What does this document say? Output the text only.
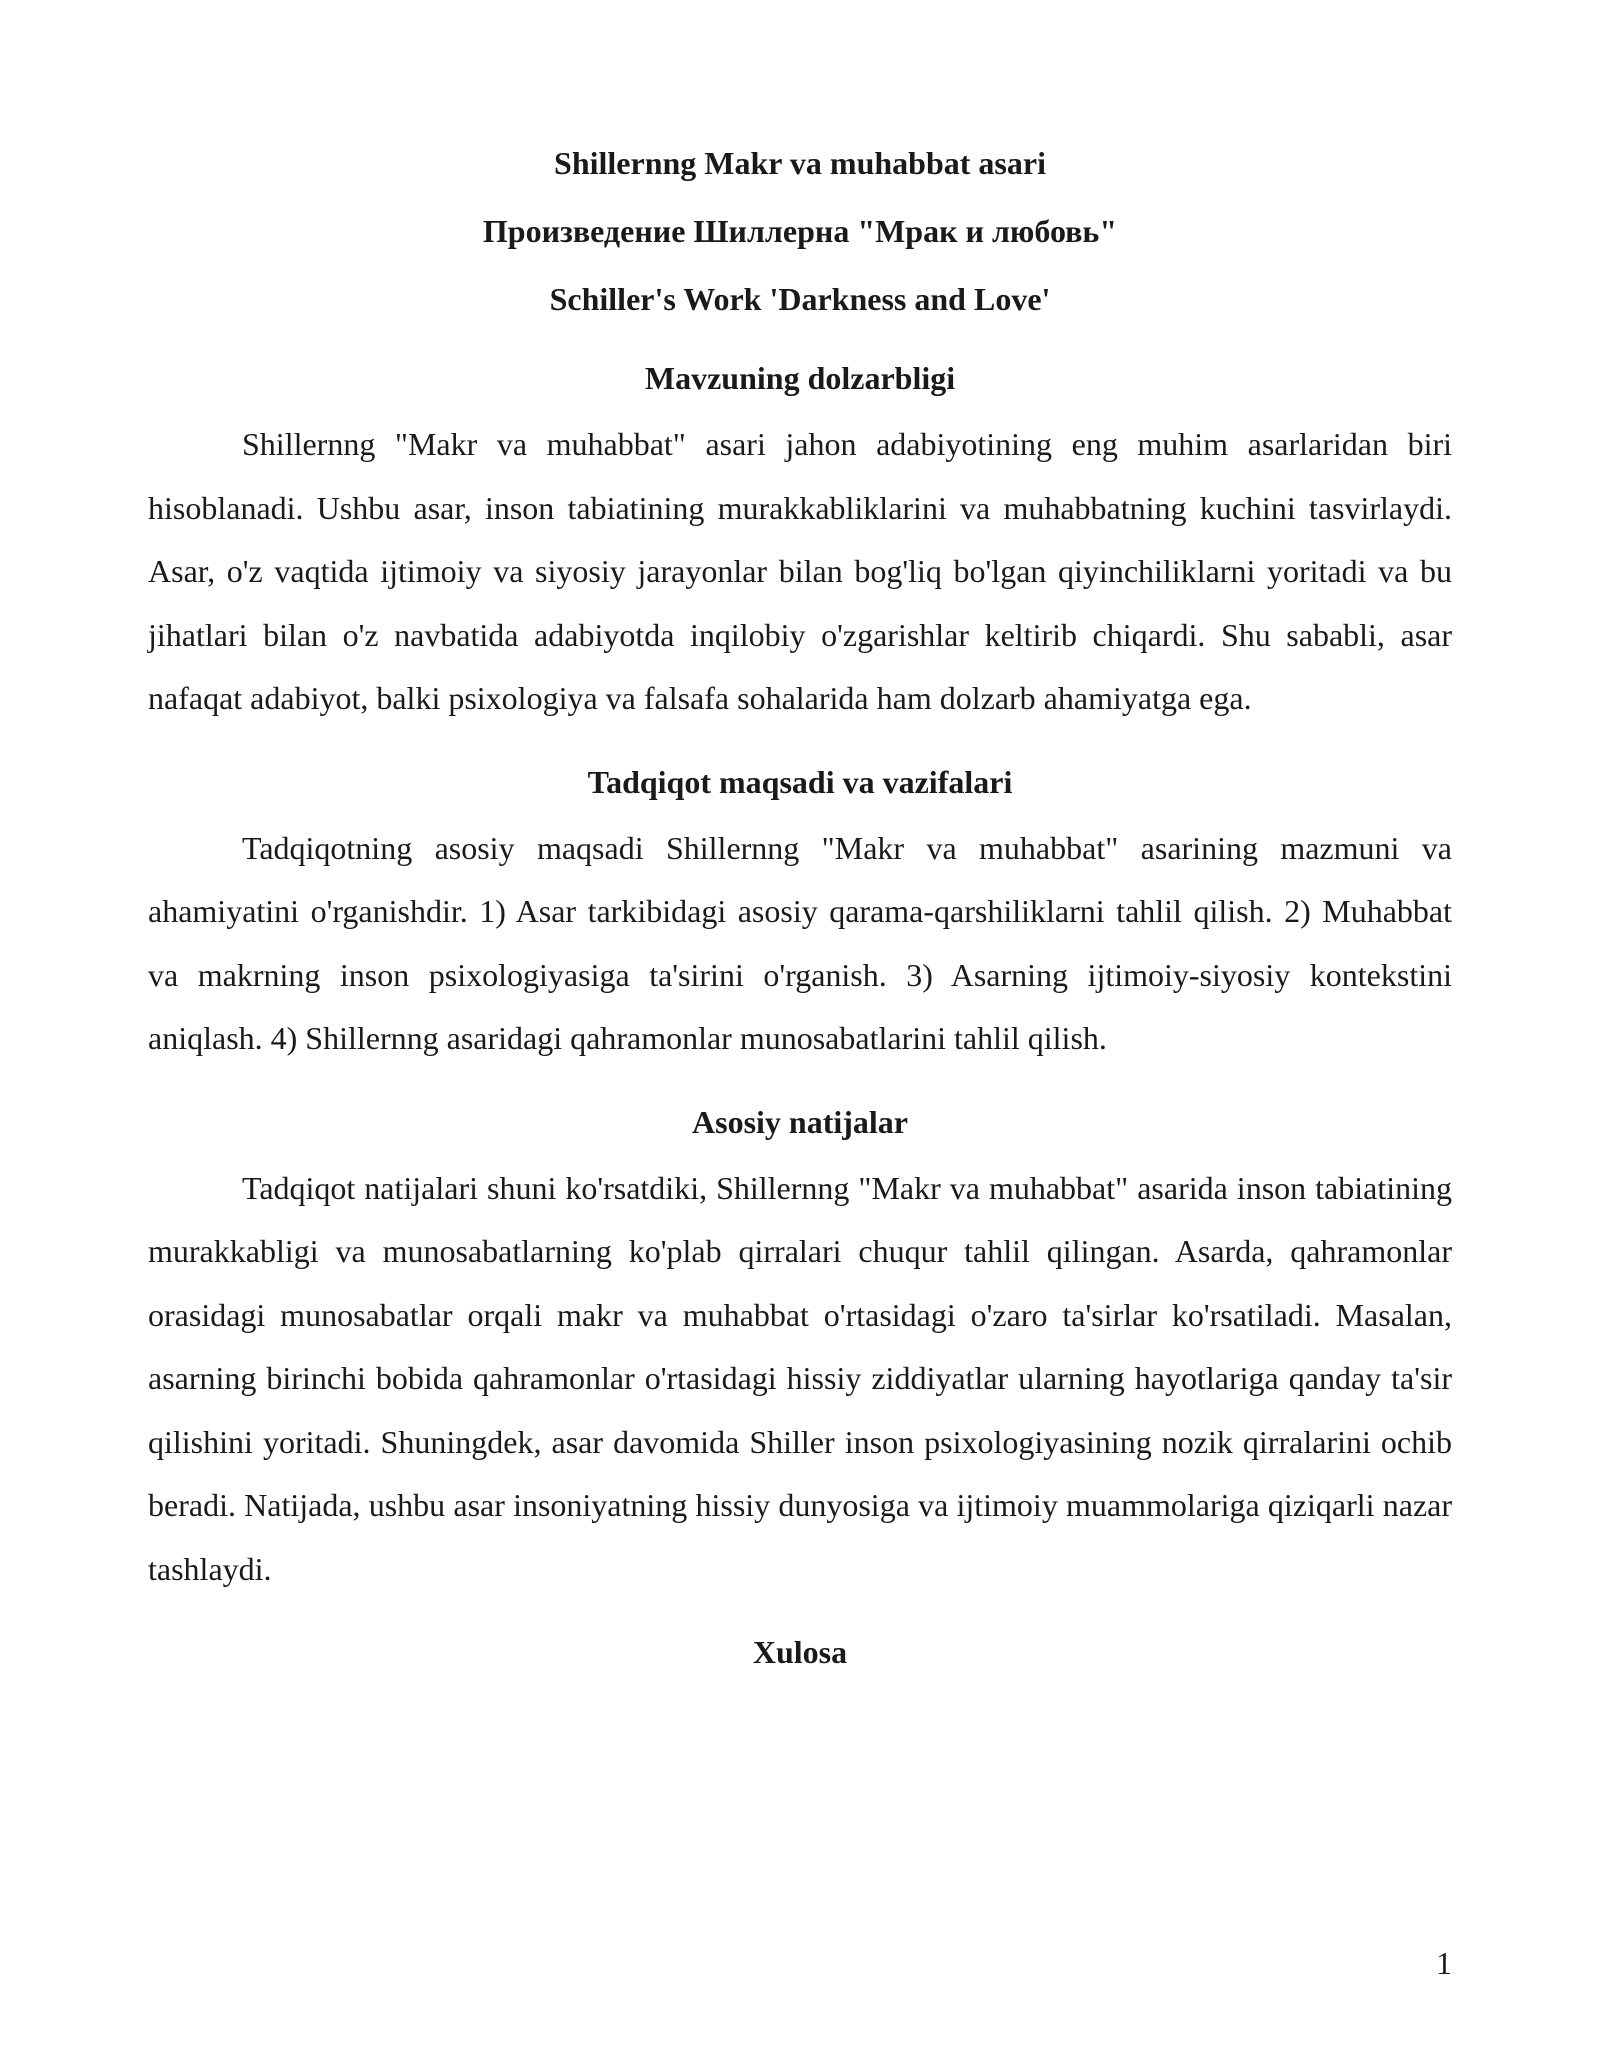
Shillernng Makr va muhabbat asari
Произведение Шиллерна "Мрак и любовь"
Schiller's Work 'Darkness and Love'
Mavzuning dolzarbligi

Shillernng "Makr va muhabbat" asari jahon adabiyotining eng muhim asarlaridan biri hisoblanadi. Ushbu asar, inson tabiatining murakkabliklarini va muhabbatning kuchini tasvirlaydi. Asar, o'z vaqtida ijtimoiy va siyosiy jarayonlar bilan bog'liq bo'lgan qiyinchiliklarni yoritadi va bu jihatlari bilan o'z navbatida adabiyotda inqilobiy o'zgarishlar keltirib chiqardi. Shu sababli, asar nafaqat adabiyot, balki psixologiya va falsafa sohalarida ham dolzarb ahamiyatga ega.

Tadqiqot maqsadi va vazifalari

Tadqiqotning asosiy maqsadi Shillernng "Makr va muhabbat" asarining mazmuni va ahamiyatini o'rganishdir. 1) Asar tarkibidagi asosiy qarama-qarshiliklarni tahlil qilish. 2) Muhabbat va makrning inson psixologiyasiga ta'sirini o'rganish. 3) Asarning ijtimoiy-siyosiy kontekstini aniqlash. 4) Shillernng asaridagi qahramonlar munosabatlarini tahlil qilish.

Asosiy natijalar

Tadqiqot natijalari shuni ko'rsatdiki, Shillernng "Makr va muhabbat" asarida inson tabiatining murakkabligi va munosabatlarning ko'plab qirralari chuqur tahlil qilingan. Asarda, qahramonlar orasidagi munosabatlar orqali makr va muhabbat o'rtasidagi o'zaro ta'sirlar ko'rsatiladi. Masalan, asarning birinchi bobida qahramonlar o'rtasidagi hissiy ziddiyatlar ularning hayotlariga qanday ta'sir qilishini yoritadi. Shuningdek, asar davomida Shiller inson psixologiyasining nozik qirralarini ochib beradi. Natijada, ushbu asar insoniyatning hissiy dunyosiga va ijtimoiy muammolariga qiziqarli nazar tashlaydi.

Xulosa
1
